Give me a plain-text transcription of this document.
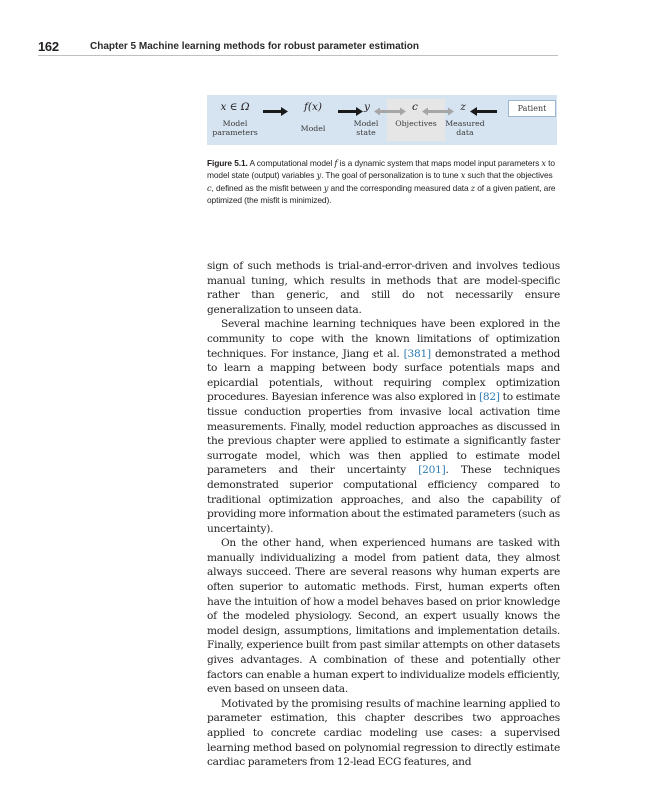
162	Chapter 5 Machine learning methods for robust parameter estimation
x ∈ Ω
Model
parameters
f(x)
Model
y
Model
state
c
Objectives
z
Measured
data
Patient
Figure 5.1. A computational model f is a dynamic system that maps model input parameters x to model state (output) variables y. The goal of personalization is to tune x such that the objectives c, defined as the misfit between y and the corresponding measured data z of a given patient, are optimized (the misfit is minimized).

sign of such methods is trial-and-error-driven and involves tedious manual tuning, which results in methods that are model-specific rather than generic, and still do not necessarily ensure generalization to unseen data.

Several machine learning techniques have been explored in the community to cope with the known limitations of optimization techniques. For instance, Jiang et al. [381] demonstrated a method to learn a mapping between body surface potentials maps and epicardial potentials, without requiring complex optimization procedures. Bayesian inference was also explored in [82] to estimate tissue conduction properties from invasive local activation time measurements. Finally, model reduction approaches as discussed in the previous chapter were applied to estimate a significantly faster surrogate model, which was then applied to estimate model parameters and their uncertainty [201]. These techniques demonstrated superior computational efficiency compared to traditional optimization approaches, and also the capability of providing more information about the estimated parameters (such as uncertainty).

On the other hand, when experienced humans are tasked with manually individualizing a model from patient data, they almost always succeed. There are several reasons why human experts are often superior to automatic methods. First, human experts often have the intuition of how a model behaves based on prior knowledge of the modeled physiology. Second, an expert usually knows the model design, assumptions, limitations and implementation details. Finally, experience built from past similar attempts on other datasets gives advantages. A combination of these and potentially other factors can enable a human expert to individualize models efficiently, even based on unseen data.

Motivated by the promising results of machine learning applied to parameter estimation, this chapter describes two approaches applied to concrete cardiac modeling use cases: a supervised learning method based on polynomial regression to directly estimate cardiac parameters from 12-lead ECG features, and
